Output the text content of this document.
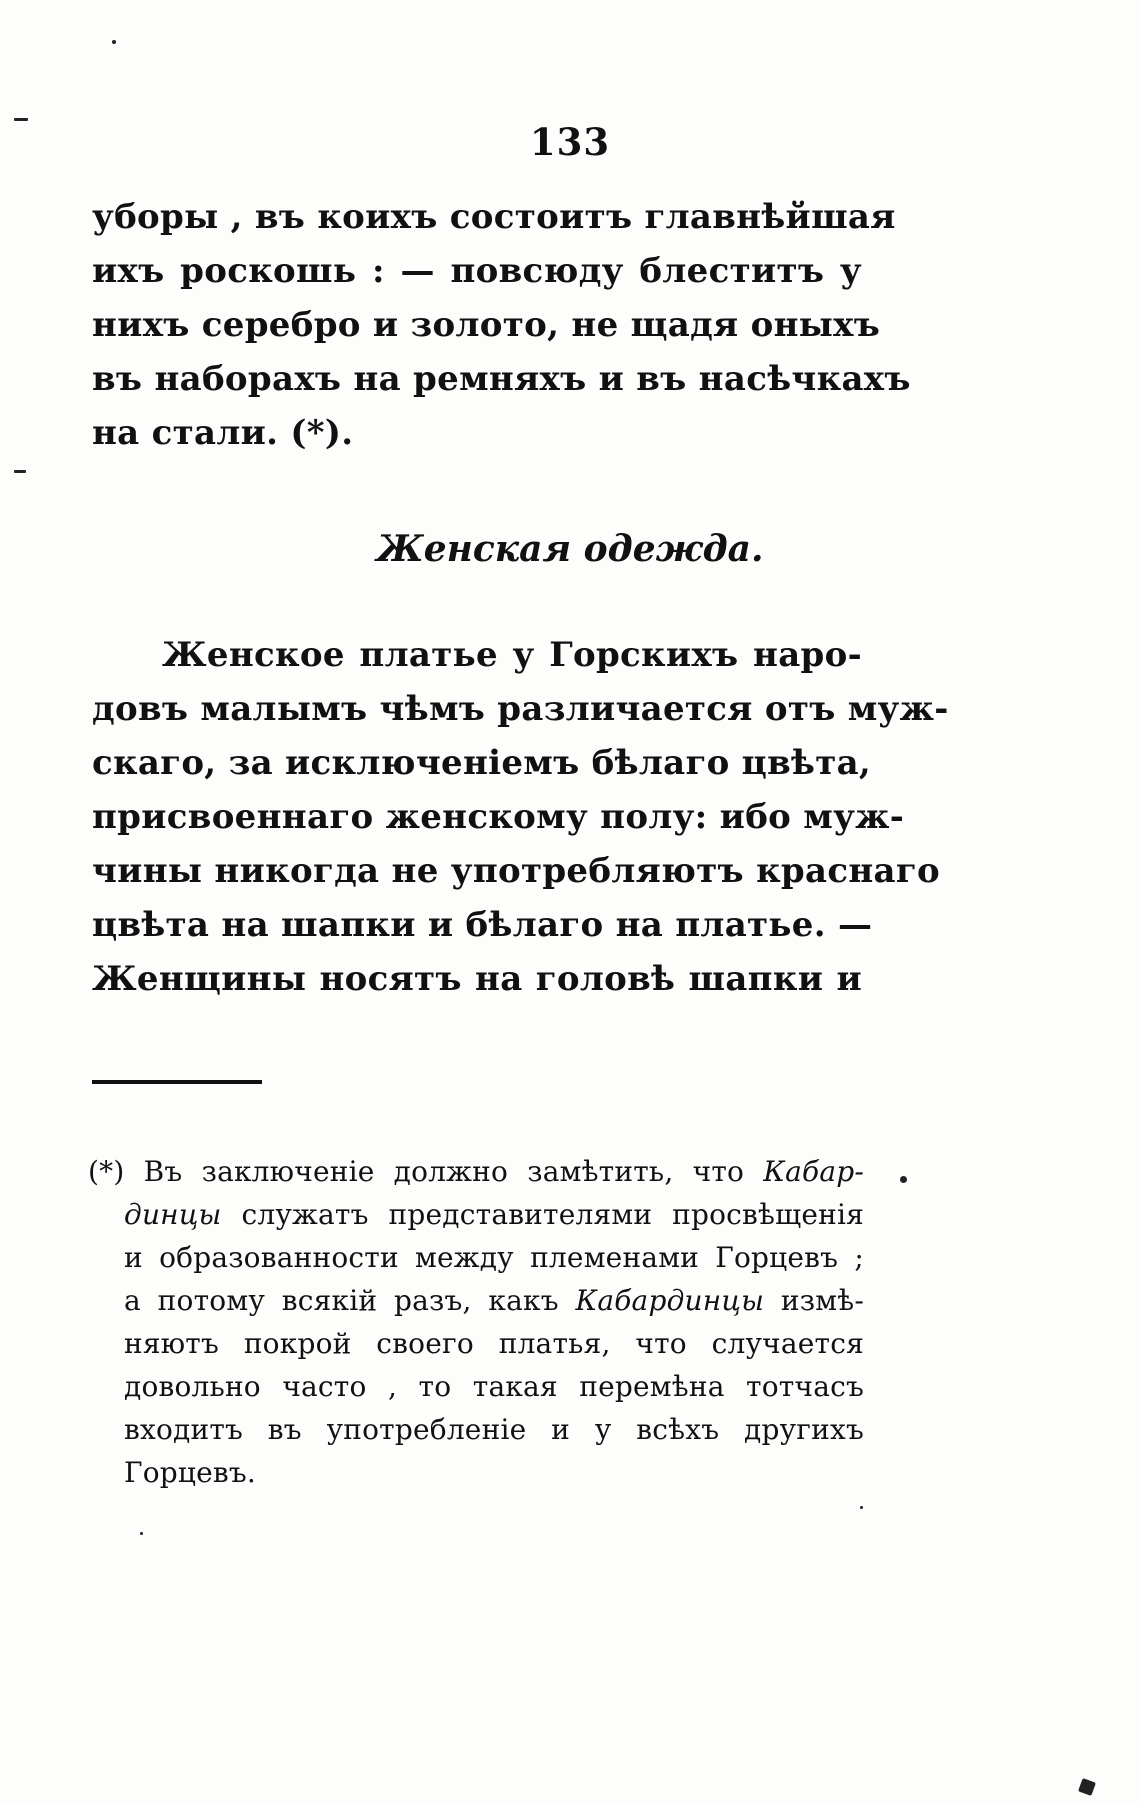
133
уборы , въ коихъ состоитъ главнѣйшая
ихъ роскошь : — повсюду блеститъ у
нихъ серебро и золото, не щадя оныхъ
въ наборахъ на ремняхъ и въ насѣчкахъ
на стали. (*).
Женская одежда.
Женское платье у Горскихъ наро-
довъ малымъ чѣмъ различается отъ муж-
скаго, за исключеніемъ бѣлаго цвѣта,
присвоеннаго женскому полу: ибо муж-
чины никогда не употребляютъ краснаго
цвѣта на шапки и бѣлаго на платье. —
Женщины носятъ на головѣ шапки и
(*) Въ заключеніе должно замѣтить, что Кабар-
динцы служатъ представителями просвѣщенія
и образованности между племенами Горцевъ ;
а потому всякій разъ, какъ Кабардинцы измѣ-
няютъ покрой своего платья, что случается
довольно часто , то такая перемѣна тотчасъ
входитъ въ употребленіе и у всѣхъ другихъ
Горцевъ.
